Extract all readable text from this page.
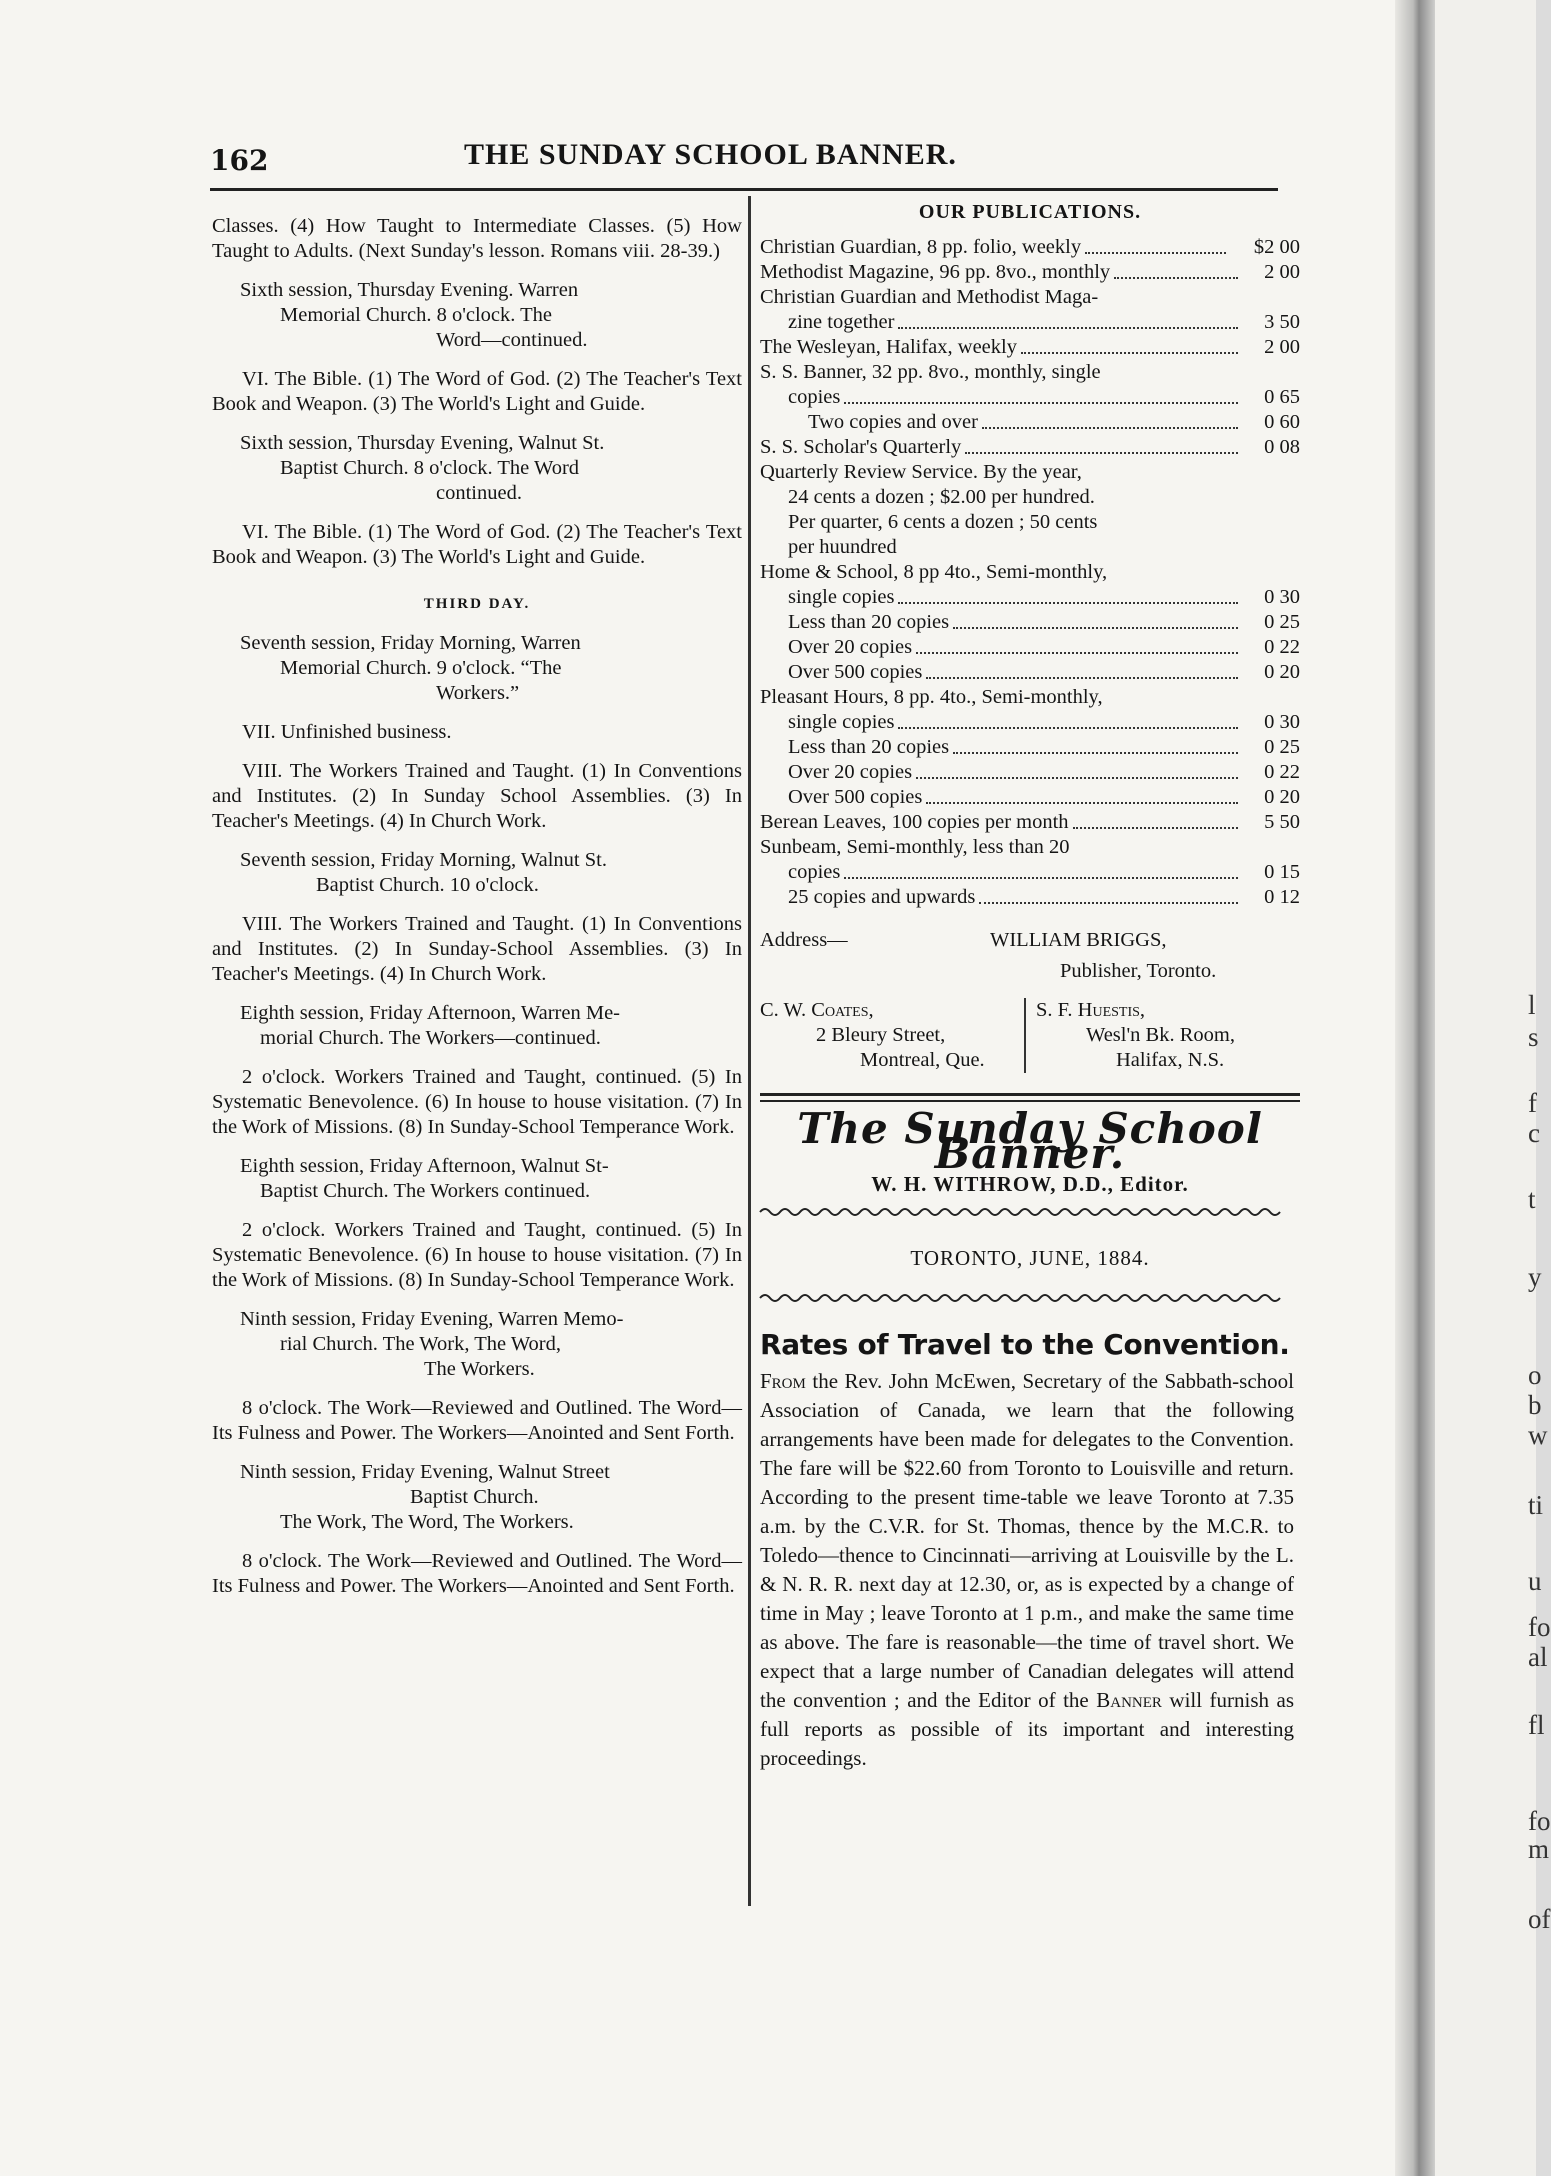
l
s
f
c
t
y
o
b
w
ti
u
fo
al
fl
fo
m
of
162	THE SUNDAY SCHOOL BANNER.

Classes. (4) How Taught to Intermediate Classes. (5) How Taught to Adults. (Next Sunday's lesson. Romans viii. 28-39.)

Sixth session, Thursday Evening. Warren
Memorial Church. 8 o'clock. The
Word—continued.

VI. The Bible. (1) The Word of God. (2) The Teacher's Text Book and Weapon. (3) The World's Light and Guide.

Sixth session, Thursday Evening, Walnut St.
Baptist Church. 8 o'clock. The Word
continued.

VI. The Bible. (1) The Word of God. (2) The Teacher's Text Book and Weapon. (3) The World's Light and Guide.

THIRD DAY.

Seventh session, Friday Morning, Warren
Memorial Church. 9 o'clock. “The
Workers.”

VII. Unfinished business.

VIII. The Workers Trained and Taught. (1) In Conventions and Institutes. (2) In Sunday School Assemblies. (3) In Teacher's Meetings. (4) In Church Work.

Seventh session, Friday Morning, Walnut St.
Baptist Church. 10 o'clock.

VIII. The Workers Trained and Taught. (1) In Conventions and Institutes. (2) In Sunday-School Assemblies. (3) In Teacher's Meetings. (4) In Church Work.

Eighth session, Friday Afternoon, Warren Me-
morial Church. The Workers—continued.

2 o'clock. Workers Trained and Taught, continued. (5) In Systematic Benevolence. (6) In house to house visitation. (7) In the Work of Missions. (8) In Sunday-School Temperance Work.

Eighth session, Friday Afternoon, Walnut St-
Baptist Church. The Workers continued.

2 o'clock. Workers Trained and Taught, continued. (5) In Systematic Benevolence. (6) In house to house visitation. (7) In the Work of Missions. (8) In Sunday-School Temperance Work.

Ninth session, Friday Evening, Warren Memo-
rial Church. The Work, The Word,
The Workers.

8 o'clock. The Work—Reviewed and Outlined. The Word—Its Fulness and Power. The Workers—Anointed and Sent Forth.

Ninth session, Friday Evening, Walnut Street
Baptist Church.
The Work, The Word, The Workers.

8 o'clock. The Work—Reviewed and Outlined. The Word—Its Fulness and Power. The Workers—Anointed and Sent Forth.

OUR PUBLICATIONS.
Christian Guardian, 8 pp. folio, weekly	$2 00
Methodist Magazine, 96 pp. 8vo., monthly	2 00
Christian Guardian and Methodist Maga-
zine together	3 50
The Wesleyan, Halifax, weekly	2 00
S. S. Banner, 32 pp. 8vo., monthly, single
copies	0 65
Two copies and over	0 60
S. S. Scholar's Quarterly	0 08
Quarterly Review Service. By the year,
24 cents a dozen ; $2.00 per hundred.
Per quarter, 6 cents a dozen ; 50 cents
per huundred
Home & School, 8 pp 4to., Semi-monthly,
single copies	0 30
Less than 20 copies	0 25
Over 20 copies	0 22
Over 500 copies	0 20
Pleasant Hours, 8 pp. 4to., Semi-monthly,
single copies	0 30
Less than 20 copies	0 25
Over 20 copies	0 22
Over 500 copies	0 20
Berean Leaves, 100 copies per month	5 50
Sunbeam, Semi-monthly, less than 20
copies	0 15
25 copies and upwards	0 12
Address—	WILLIAM BRIGGS,
Publisher, Toronto.
C. W. Coates,
2 Bleury Street,
Montreal, Que.
S. F. Huestis,
Wesl'n Bk. Room,
Halifax, N.S.
The Sunday School Banner.
W. H. WITHROW, D.D., Editor.
TORONTO, JUNE, 1884.
Rates of Travel to the Convention.

From the Rev. John McEwen, Secretary of the Sabbath-school Association of Canada, we learn that the following arrangements have been made for delegates to the Convention. The fare will be $22.60 from Toronto to Louisville and return. According to the present time-table we leave Toronto at 7.35 a.m. by the C.V.R. for St. Thomas, thence by the M.C.R. to Toledo—thence to Cincinnati—arriving at Louisville by the L. & N. R. R. next day at 12.30, or, as is expected by a change of time in May ; leave Toronto at 1 p.m., and make the same time as above. The fare is reasonable—the time of travel short. We expect that a large number of Canadian delegates will attend the convention ; and the Editor of the Banner will furnish as full reports as possible of its important and interesting proceedings.
